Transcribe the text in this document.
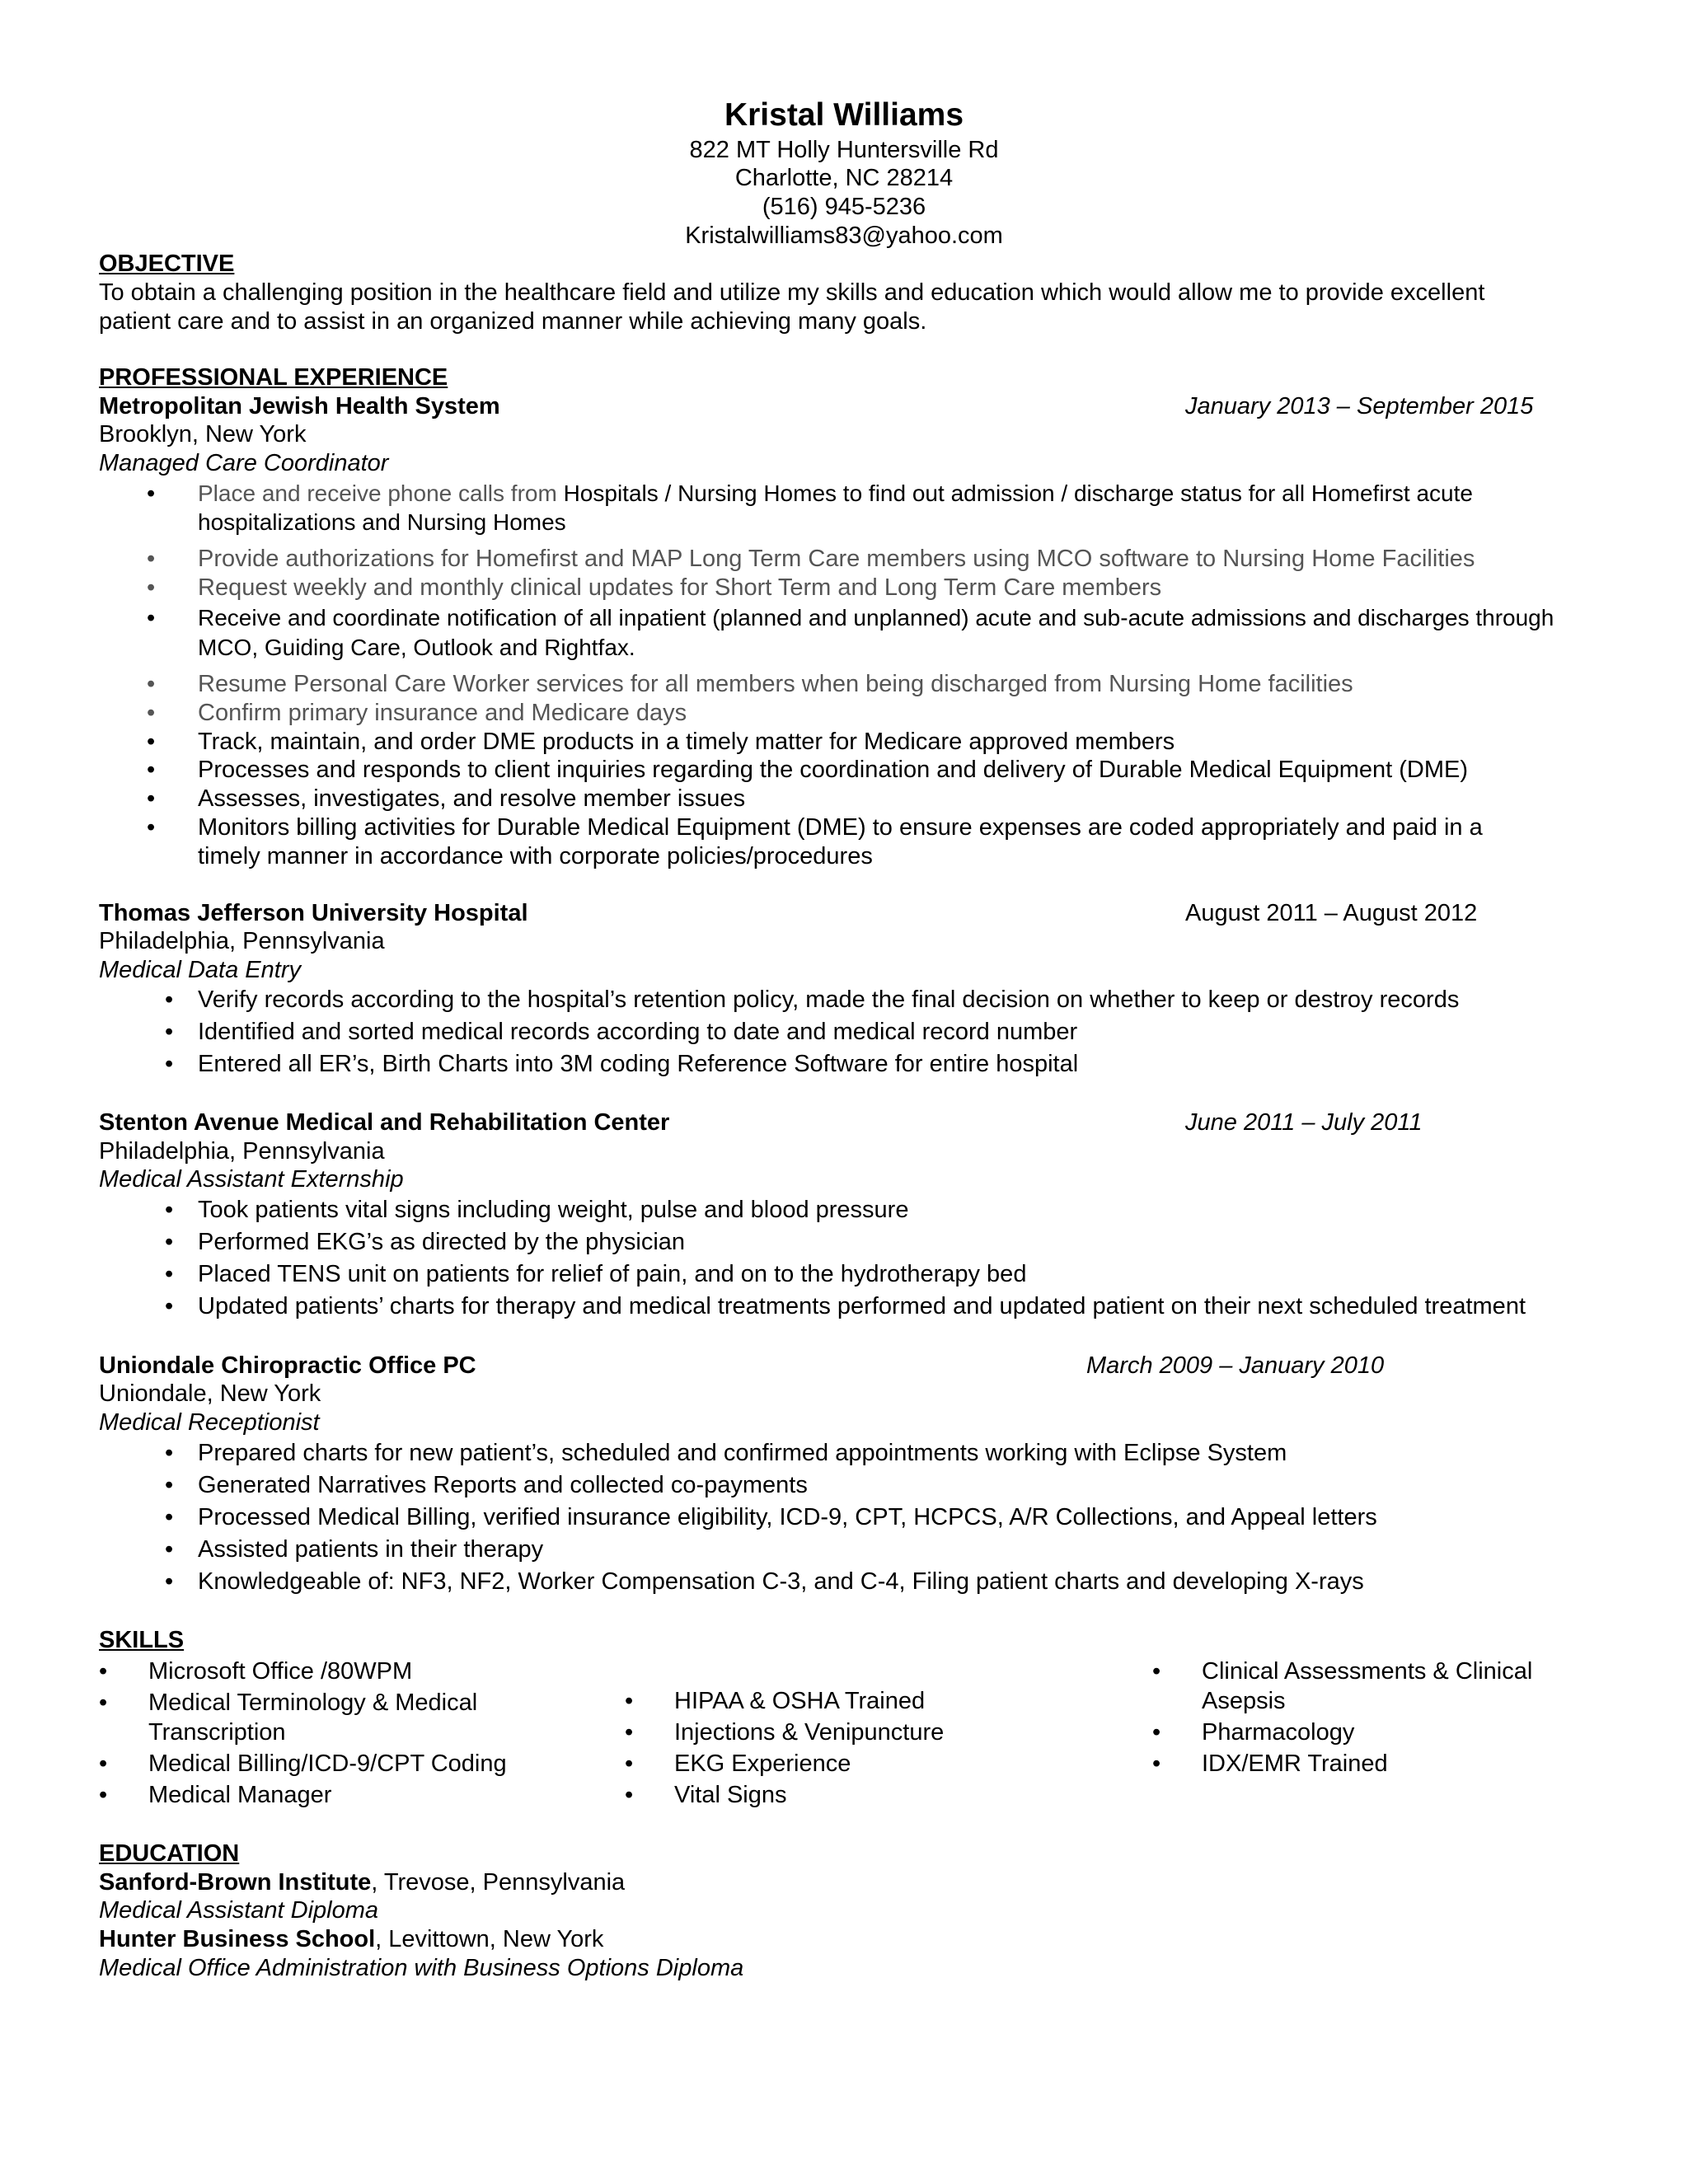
Kristal Williams
822 MT Holly Huntersville Rd
Charlotte, NC 28214
(516) 945-5236
Kristalwilliams83@yahoo.com
OBJECTIVE
To obtain a challenging position in the healthcare field and utilize my skills and education which would allow me to provide excellent
patient care and to assist in an organized manner while achieving many goals.
PROFESSIONAL EXPERIENCE
Metropolitan Jewish Health System	January 2013 – September 2015
Brooklyn, New York
Managed Care Coordinator
• Place and receive phone calls from Hospitals / Nursing Homes to find out admission / discharge status for all Homefirst acute
hospitalizations and Nursing Homes
• Provide authorizations for Homefirst and MAP Long Term Care members using MCO software to Nursing Home Facilities
• Request weekly and monthly clinical updates for Short Term and Long Term Care members
• Receive and coordinate notification of all inpatient (planned and unplanned) acute and sub-acute admissions and discharges through
MCO, Guiding Care, Outlook and Rightfax.
• Resume Personal Care Worker services for all members when being discharged from Nursing Home facilities
• Confirm primary insurance and Medicare days
• Track, maintain, and order DME products in a timely matter for Medicare approved members
• Processes and responds to client inquiries regarding the coordination and delivery of Durable Medical Equipment (DME)
• Assesses, investigates, and resolve member issues
• Monitors billing activities for Durable Medical Equipment (DME) to ensure expenses are coded appropriately and paid in a
timely manner in accordance with corporate policies/procedures
Thomas Jefferson University Hospital	August 2011 – August 2012
Philadelphia, Pennsylvania
Medical Data Entry
• Verify records according to the hospital’s retention policy, made the final decision on whether to keep or destroy records
• Identified and sorted medical records according to date and medical record number
• Entered all ER’s, Birth Charts into 3M coding Reference Software for entire hospital
Stenton Avenue Medical and Rehabilitation Center	June 2011 – July 2011
Philadelphia, Pennsylvania
Medical Assistant Externship
• Took patients vital signs including weight, pulse and blood pressure
• Performed EKG’s as directed by the physician
• Placed TENS unit on patients for relief of pain, and on to the hydrotherapy bed
• Updated patients’ charts for therapy and medical treatments performed and updated patient on their next scheduled treatment
Uniondale Chiropractic Office PC	March 2009 – January 2010
Uniondale, New York
Medical Receptionist
• Prepared charts for new patient’s, scheduled and confirmed appointments working with Eclipse System
• Generated Narratives Reports and collected co-payments
• Processed Medical Billing, verified insurance eligibility, ICD-9, CPT, HCPCS, A/R Collections, and Appeal letters
• Assisted patients in their therapy
• Knowledgeable of: NF3, NF2, Worker Compensation C-3, and C-4, Filing patient charts and developing X-rays
SKILLS
• Microsoft Office /80WPM
• Medical Terminology & Medical
Transcription
• Medical Billing/ICD-9/CPT Coding
• Medical Manager
• HIPAA & OSHA Trained
• Injections & Venipuncture
• EKG Experience
• Vital Signs
• Clinical Assessments & Clinical
Asepsis
• Pharmacology
• IDX/EMR Trained
EDUCATION
Sanford-Brown Institute, Trevose, Pennsylvania
Medical Assistant Diploma
Hunter Business School, Levittown, New York
Medical Office Administration with Business Options Diploma
